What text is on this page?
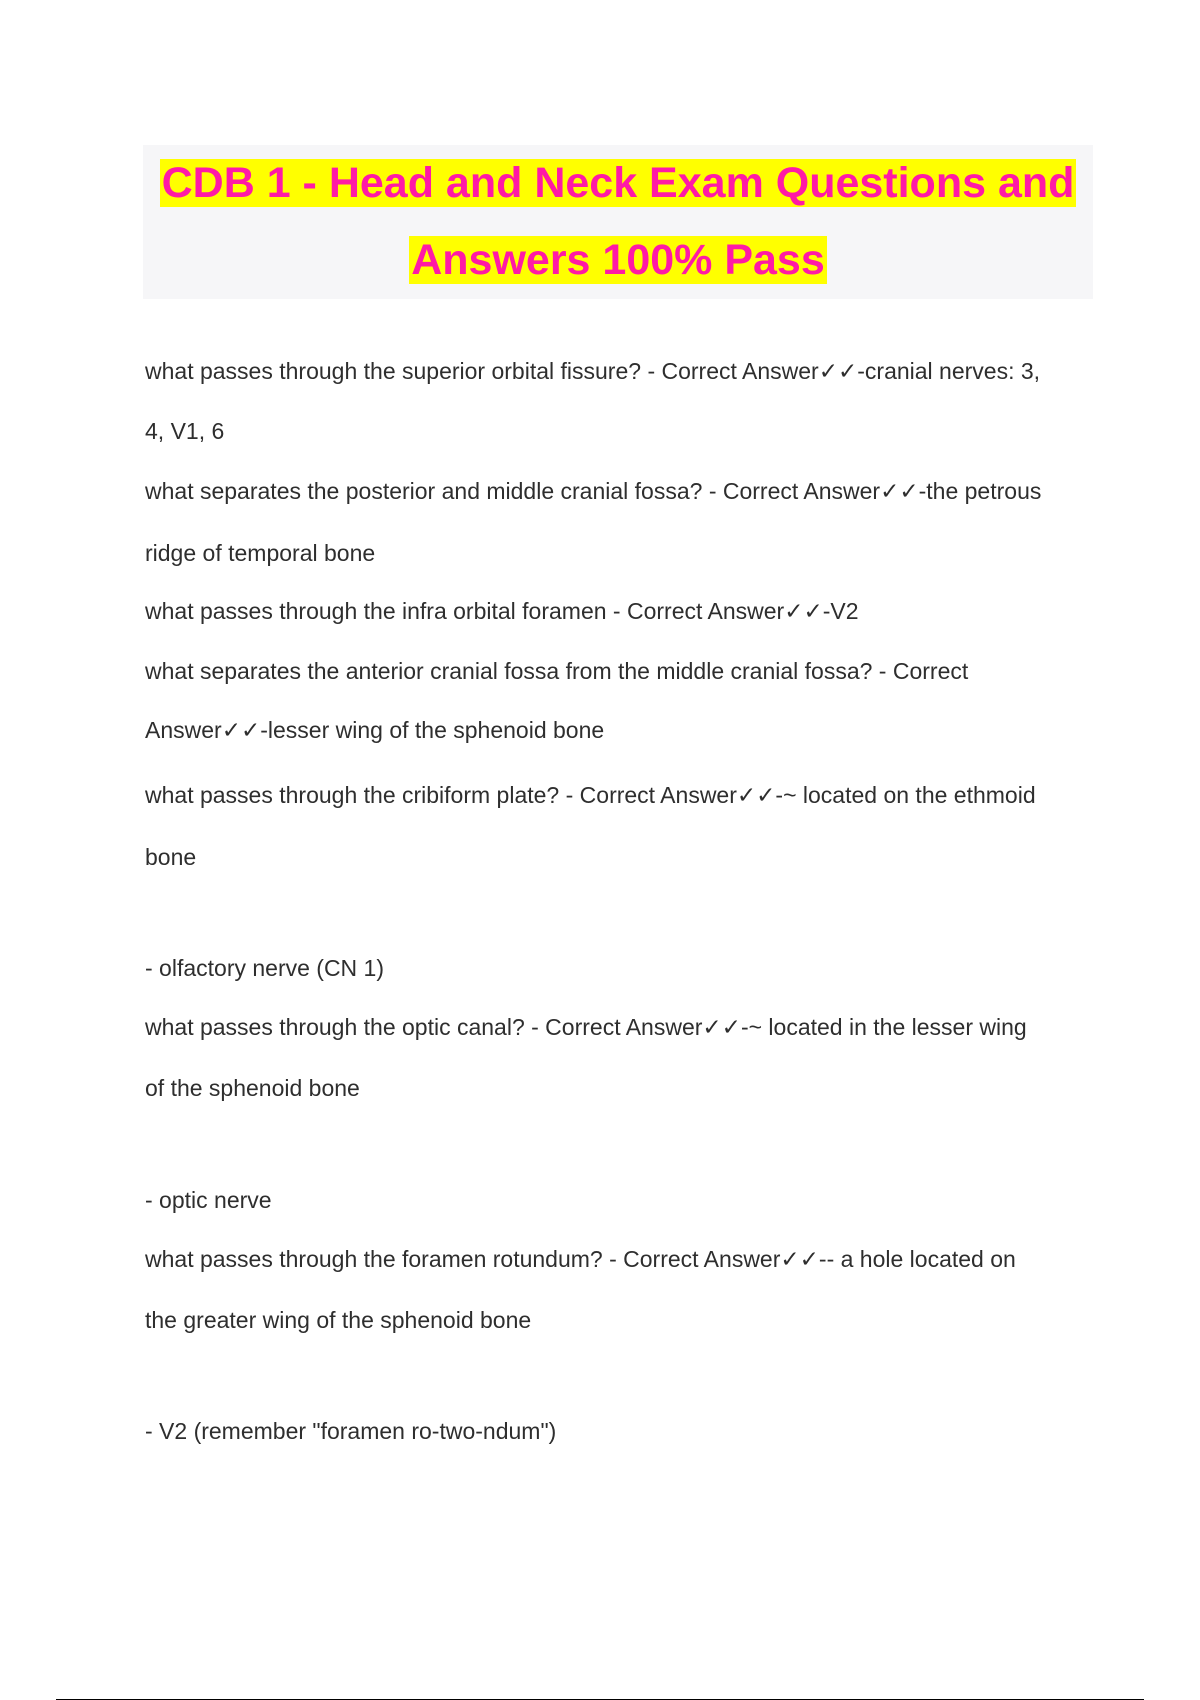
CDB 1 - Head and Neck Exam Questions and
Answers 100% Pass
what passes through the superior orbital fissure? - Correct Answer✓✓-cranial nerves: 3,
4, V1, 6
what separates the posterior and middle cranial fossa? - Correct Answer✓✓-the petrous
ridge of temporal bone
what passes through the infra orbital foramen - Correct Answer✓✓-V2
what separates the anterior cranial fossa from the middle cranial fossa? - Correct
Answer✓✓-lesser wing of the sphenoid bone
what passes through the cribiform plate? - Correct Answer✓✓-~ located on the ethmoid
bone
- olfactory nerve (CN 1)
what passes through the optic canal? - Correct Answer✓✓-~ located in the lesser wing
of the sphenoid bone
- optic nerve
what passes through the foramen rotundum? - Correct Answer✓✓-- a hole located on
the greater wing of the sphenoid bone
- V2 (remember "foramen ro-two-ndum")
